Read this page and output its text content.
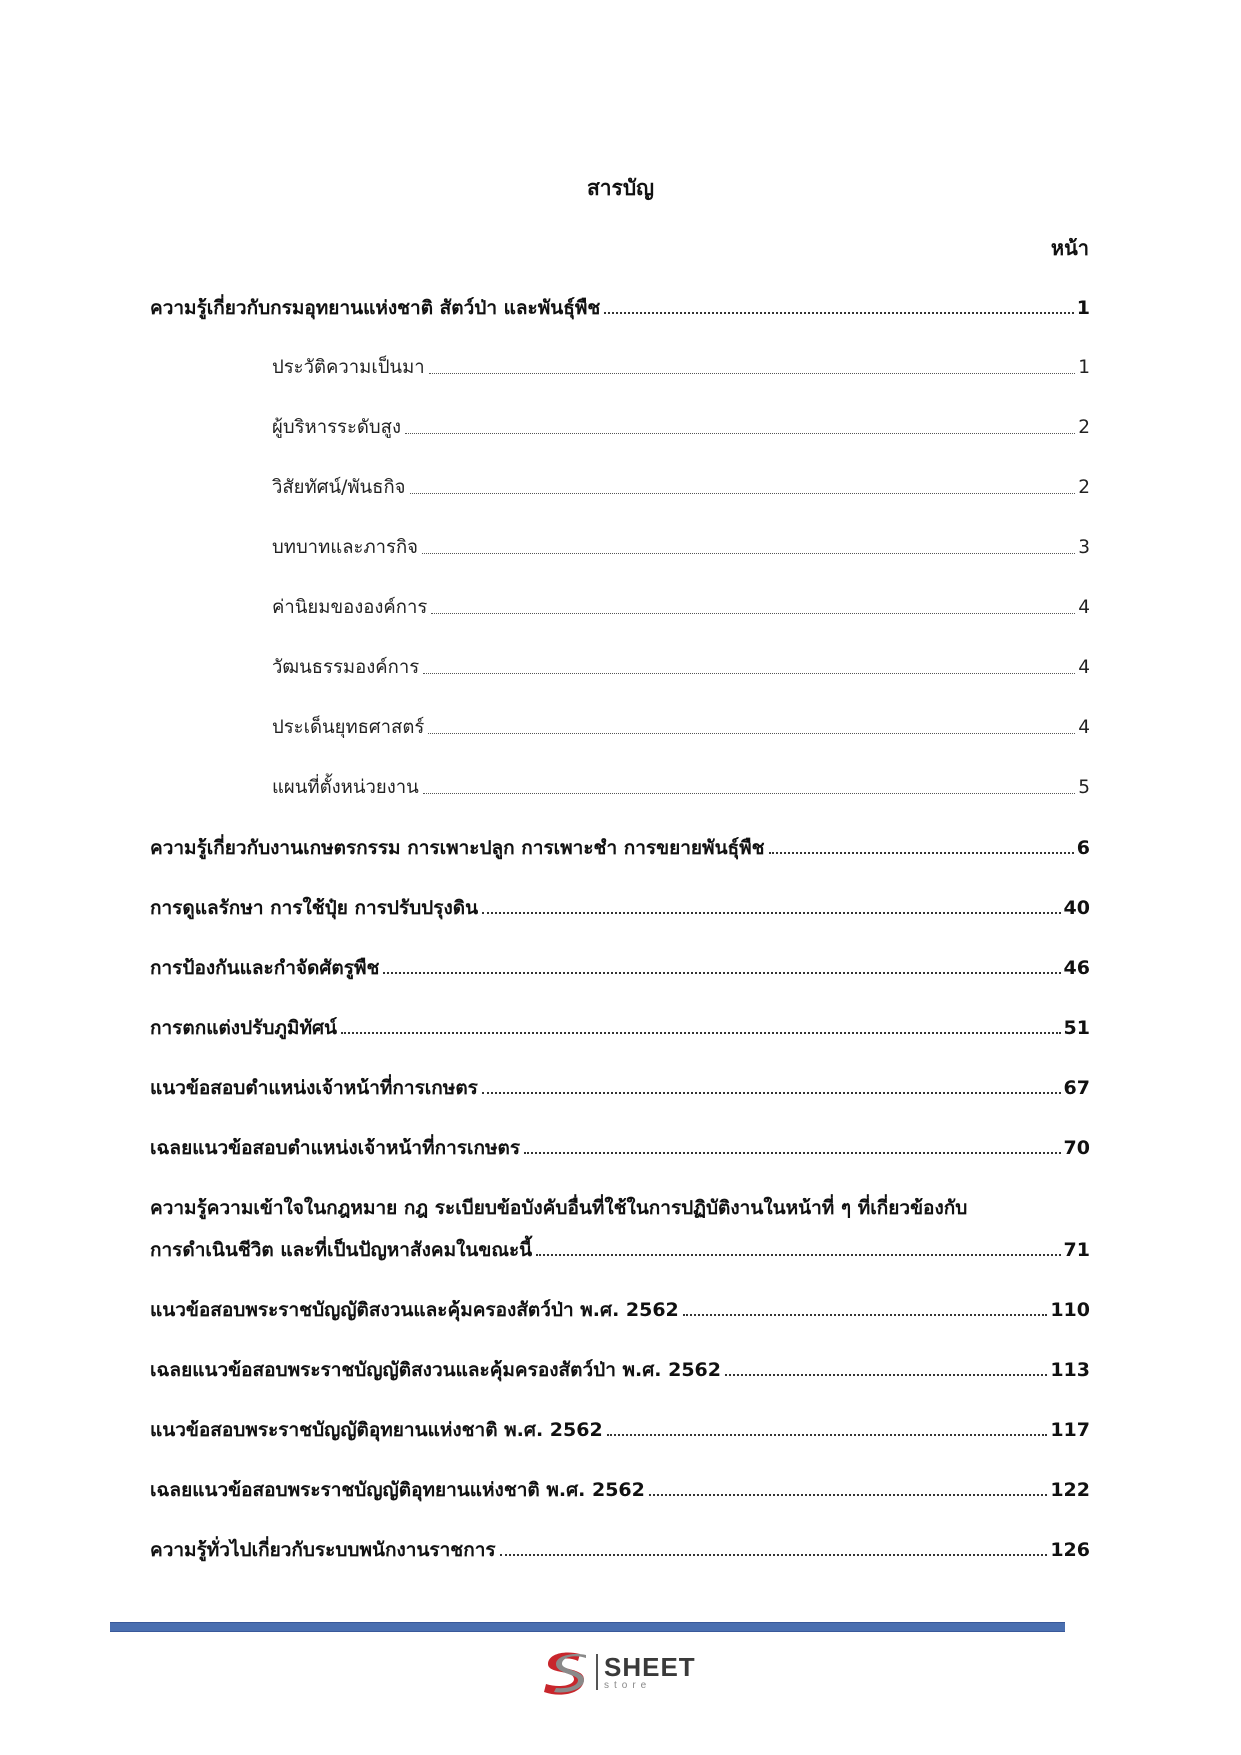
สารบัญ
หน้า
ความรู้เกี่ยวกับกรมอุทยานแห่งชาติ สัตว์ป่า และพันธุ์พืช	1
ประวัติความเป็นมา	1
ผู้บริหารระดับสูง	2
วิสัยทัศน์/พันธกิจ	2
บทบาทและภารกิจ	3
ค่านิยมขององค์การ	4
วัฒนธรรมองค์การ	4
ประเด็นยุทธศาสตร์	4
แผนที่ตั้งหน่วยงาน	5
ความรู้เกี่ยวกับงานเกษตรกรรม การเพาะปลูก การเพาะชำ การขยายพันธุ์พืช	6
การดูแลรักษา การใช้ปุ๋ย การปรับปรุงดิน	40
การป้องกันและกำจัดศัตรูพืช	46
การตกแต่งปรับภูมิทัศน์	51
แนวข้อสอบตำแหน่งเจ้าหน้าที่การเกษตร	67
เฉลยแนวข้อสอบตำแหน่งเจ้าหน้าที่การเกษตร	70
ความรู้ความเข้าใจในกฎหมาย กฎ ระเบียบข้อบังคับอื่นที่ใช้ในการปฏิบัติงานในหน้าที่ ๆ ที่เกี่ยวข้องกับ
การดำเนินชีวิต และที่เป็นปัญหาสังคมในขณะนี้	71
แนวข้อสอบพระราชบัญญัติสงวนและคุ้มครองสัตว์ป่า พ.ศ. 2562	110
เฉลยแนวข้อสอบพระราชบัญญัติสงวนและคุ้มครองสัตว์ป่า พ.ศ. 2562	113
แนวข้อสอบพระราชบัญญัติอุทยานแห่งชาติ พ.ศ. 2562	117
เฉลยแนวข้อสอบพระราชบัญญัติอุทยานแห่งชาติ พ.ศ. 2562	122
ความรู้ทั่วไปเกี่ยวกับระบบพนักงานราชการ	126
SHEET
store
